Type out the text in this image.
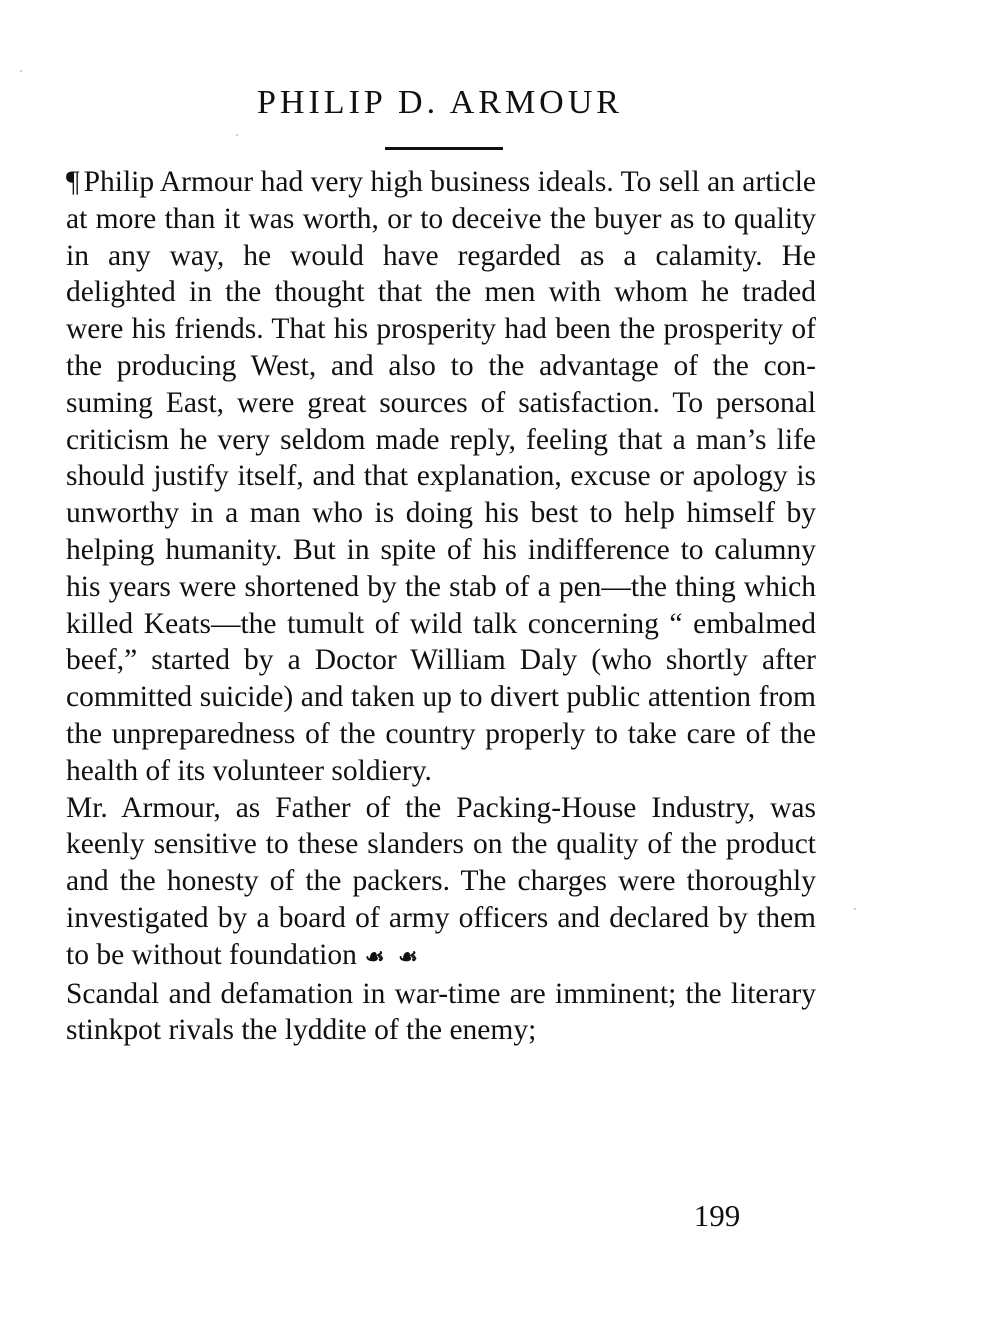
PHILIP D. ARMOUR

¶ Philip Armour had very high business ideals. To sell an article at more than it was worth, or to deceive the buyer as to quality in any way, he would have regarded as a calamity. He delighted in the thought that the men with whom he traded were his friends. That his prosperity had been the prosperity of the producing West, and also to the advantage of the consuming East, were great sources of satisfaction. To personal criticism he very seldom made reply, feeling that a man’s life should justify itself, and that explanation, excuse or apology is unworthy in a man who is doing his best to help himself by helping humanity. But in spite of his indifference to calumny his years were shortened by the stab of a pen—the thing which killed Keats—the tumult of wild talk concerning “ embalmed beef,” started by a Doctor William Daly (who shortly after committed suicide) and taken up to divert public attention from the unpreparedness of the country properly to take care of the health of its volunteer soldiery.

Mr. Armour, as Father of the Packing-House Industry, was keenly sensitive to these slanders on the quality of the product and the honesty of the packers. The charges were thoroughly investigated by a board of army officers and declared by them to be without foundation ☙ ☙

Scandal and defamation in war-time are imminent; the literary stinkpot rivals the lyddite of the enemy;

199
